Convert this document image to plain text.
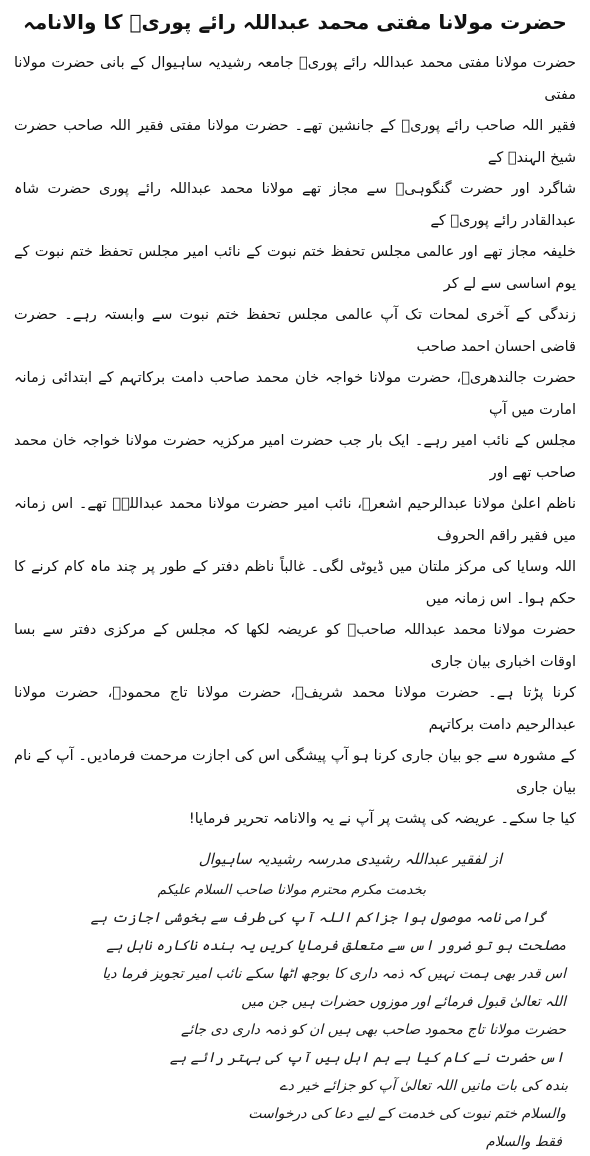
حضرت مولانا مفتی محمد عبداللہ رائے پوریؒ کا والانامہ

حضرت مولانا مفتی محمد عبداللہ رائے پوریؒ جامعہ رشیدیہ ساہیوال کے بانی حضرت مولانا مفتی

فقیر اللہ صاحب رائے پوریؒ کے جانشین تھے۔ حضرت مولانا مفتی فقیر اللہ صاحب حضرت شیخ الہندؒ کے

شاگرد اور حضرت گنگوہیؒ سے مجاز تھے مولانا محمد عبداللہ رائے پوری حضرت شاہ عبدالقادر رائے پوریؒ کے

خلیفہ مجاز تھے اور عالمی مجلس تحفظ ختم نبوت کے نائب امیر مجلس تحفظ ختم نبوت کے یوم اساسی سے لے کر

زندگی کے آخری لمحات تک آپ عالمی مجلس تحفظ ختم نبوت سے وابستہ رہے۔ حضرت قاضی احسان احمد صاحب

حضرت جالندھریؒ، حضرت مولانا خواجہ خان محمد صاحب دامت برکاتہم کے ابتدائی زمانہ امارت میں آپ

مجلس کے نائب امیر رہے۔ ایک بار جب حضرت امیر مرکزیہ حضرت مولانا خواجہ خان محمد صاحب تھے اور

ناظم اعلیٰ مولانا عبدالرحیم اشعرؒ، نائب امیر حضرت مولانا محمد عبداللہؒ تھے۔ اس زمانہ میں فقیر راقم الحروف

اللہ وسایا کی مرکز ملتان میں ڈیوٹی لگی۔ غالباً ناظم دفتر کے طور پر چند ماہ کام کرنے کا حکم ہوا۔ اس زمانہ میں

حضرت مولانا محمد عبداللہ صاحبؒ کو عریضہ لکھا کہ مجلس کے مرکزی دفتر سے بسا اوقات اخباری بیان جاری

کرنا پڑتا ہے۔ حضرت مولانا محمد شریفؒ، حضرت مولانا تاج محمودؒ، حضرت مولانا عبدالرحیم دامت برکاتہم

کے مشورہ سے جو بیان جاری کرنا ہو آپ پیشگی اس کی اجازت مرحمت فرمادیں۔ آپ کے نام بیان جاری

کیا جا سکے۔ عریضہ کی پشت پر آپ نے یہ والانامہ تحریر فرمایا!

از لفقیر عبداللہ رشیدی مدرسہ رشیدیہ ساہیوال
بخدمت مکرم محترم مولانا صاحب السلام علیکم
گرامی نامہ موصول ہوا جزاکم اللہ آپ کی طرف سے بخوشی اجازت ہے
مصلحت ہو تو ضرور اس سے متعلق فرمایا کریں یہ بندہ ناکارہ ناہل ہے
اس قدر بھی ہمت نہیں کہ ذمہ داری کا بوجھ اٹھا سکے نائب امیر تجویز فرما دیا
اللہ تعالیٰ قبول فرمائے اور موزوں حضرات ہیں جن میں
حضرت مولانا تاج محمود صاحب بھی ہیں ان کو ذمہ داری دی جائے
اس حضرت نے کام کیا ہے ہم اہل ہیں آپ کی بہتر رائے ہے
بندہ کی بات مانیں اللہ تعالیٰ آپ کو جزائے خیر دے
والسلام ختم نبوت کی خدمت کے لیے دعا کی درخواست
فقط والسلام
